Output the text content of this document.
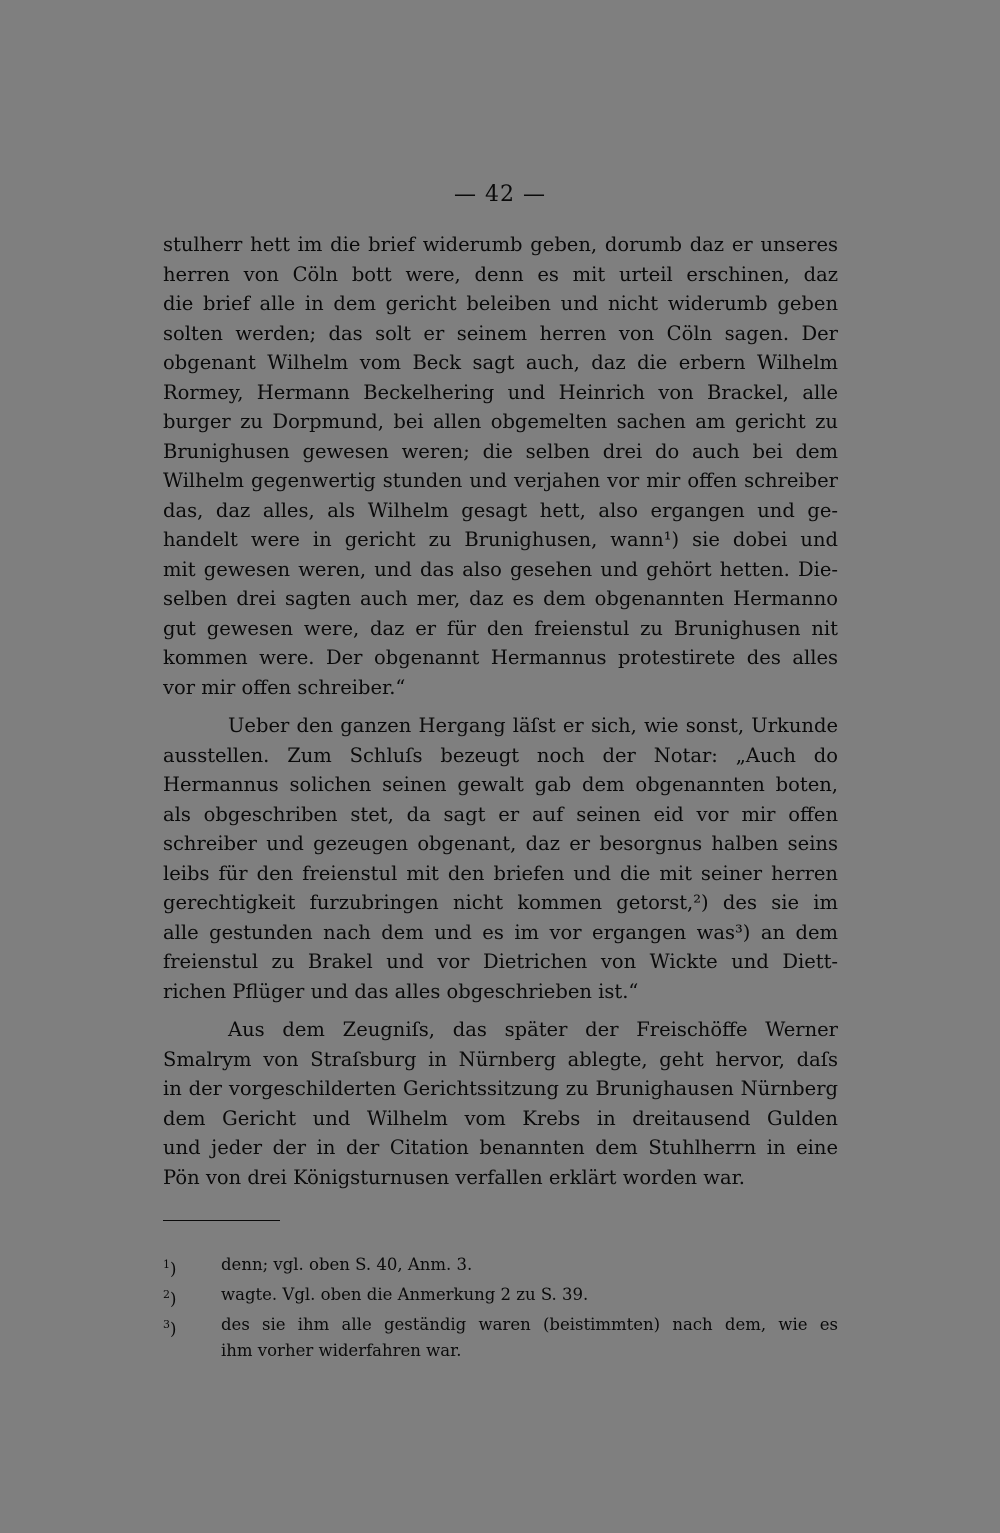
— 42 —
stulherr hett im die brief widerumb geben, dorumb daz er unseres
herren von Cöln bott were, denn es mit urteil erschinen, daz
die brief alle in dem gericht beleiben und nicht widerumb geben
solten werden; das solt er seinem herren von Cöln sagen. Der
obgenant Wilhelm vom Beck sagt auch, daz die erbern Wilhelm
Rormey, Hermann Beckelhering und Heinrich von Brackel, alle
burger zu Dorpmund, bei allen obgemelten sachen am gericht zu
Brunighusen gewesen weren; die selben drei do auch bei dem
Wilhelm gegenwertig stunden und verjahen vor mir offen schreiber
das, daz alles, als Wilhelm gesagt hett, also ergangen und ge-
handelt were in gericht zu Brunighusen, wann¹) sie dobei und
mit gewesen weren, und das also gesehen und gehört hetten. Die-
selben drei sagten auch mer, daz es dem obgenannten Hermanno
gut gewesen were, daz er für den freienstul zu Brunighusen nit
kommen were. Der obgenannt Hermannus protestirete des alles
vor mir offen schreiber.“
Ueber den ganzen Hergang läſst er sich, wie sonst, Urkunde
ausstellen. Zum Schluſs bezeugt noch der Notar: „Auch do
Hermannus solichen seinen gewalt gab dem obgenannten boten,
als obgeschriben stet, da sagt er auf seinen eid vor mir offen
schreiber und gezeugen obgenant, daz er besorgnus halben seins
leibs für den freienstul mit den briefen und die mit seiner herren
gerechtigkeit furzubringen nicht kommen getorst,²) des sie im
alle gestunden nach dem und es im vor ergangen was³) an dem
freienstul zu Brakel und vor Dietrichen von Wickte und Diett-
richen Pflüger und das alles obgeschrieben ist.“
Aus dem Zeugniſs, das später der Freischöffe Werner
Smalrym von Straſsburg in Nürnberg ablegte, geht hervor, daſs
in der vorgeschilderten Gerichtssitzung zu Brunighausen Nürnberg
dem Gericht und Wilhelm vom Krebs in dreitausend Gulden
und jeder der in der Citation benannten dem Stuhlherrn in eine
Pön von drei Königsturnusen verfallen erklärt worden war.
$^1$)	denn; vgl. oben S. 40, Anm. 3.
$^2$)	wagte. Vgl. oben die Anmerkung 2 zu S. 39.
$^3$)	des sie ihm alle geständig waren (beistimmten) nach dem, wie es
ihm vorher widerfahren war.
